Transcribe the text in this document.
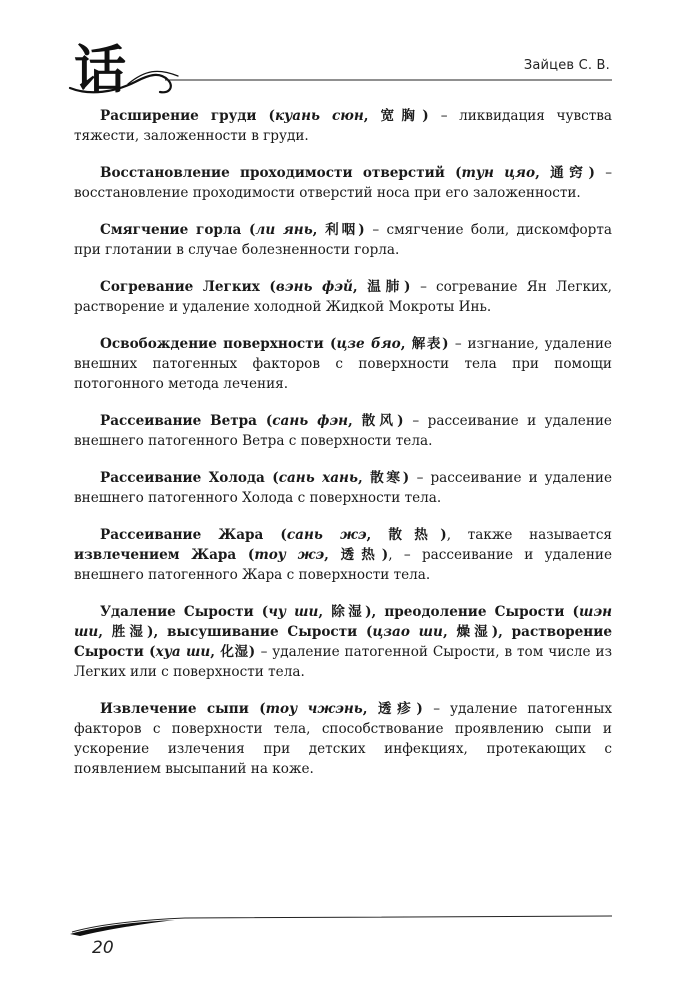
话	Зайцев С. В.

Расширение груди (куань сюн, 宽胸) – ликвидация чувства тяжести, заложенности в груди.

Восстановление проходимости отверстий (тун цяо, 通窍) – восстановление проходимости отверстий носа при его заложенности.

Смягчение горла (ли янь, 利咽) – смягчение боли, дискомфорта при глотании в случае болезненности горла.

Согревание Легких (вэнь фэй, 温肺) – согревание Ян Легких, растворение и удаление холодной Жидкой Мокроты Инь.

Освобождение поверхности (цзе бяо, 解表) – изгнание, удаление внешних патогенных факторов с поверхности тела при помощи потогонного метода лечения.

Рассеивание Ветра (сань фэн, 散风) – рассеивание и удаление внешнего патогенного Ветра с поверхности тела.

Рассеивание Холода (сань хань, 散寒) – рассеивание и удаление внешнего патогенного Холода с поверхности тела.

Рассеивание Жара (сань жэ, 散热), также называется извлечением Жара (тоу жэ, 透热), – рассеивание и удаление внешнего патогенного Жара с поверхности тела.

Удаление Сырости (чу ши, 除湿), преодоление Сырости (шэн ши, 胜湿), высушивание Сырости (цзао ши, 燥湿), растворение Сырости (хуа ши, 化湿) – удаление патогенной Сырости, в том числе из Легких или с поверхности тела.

Извлечение сыпи (тоу чжэнь, 透疹) – удаление патогенных факторов с поверхности тела, способствование проявлению сыпи и ускорение излечения при детских инфекциях, протекающих с появлением высыпаний на коже.

20
